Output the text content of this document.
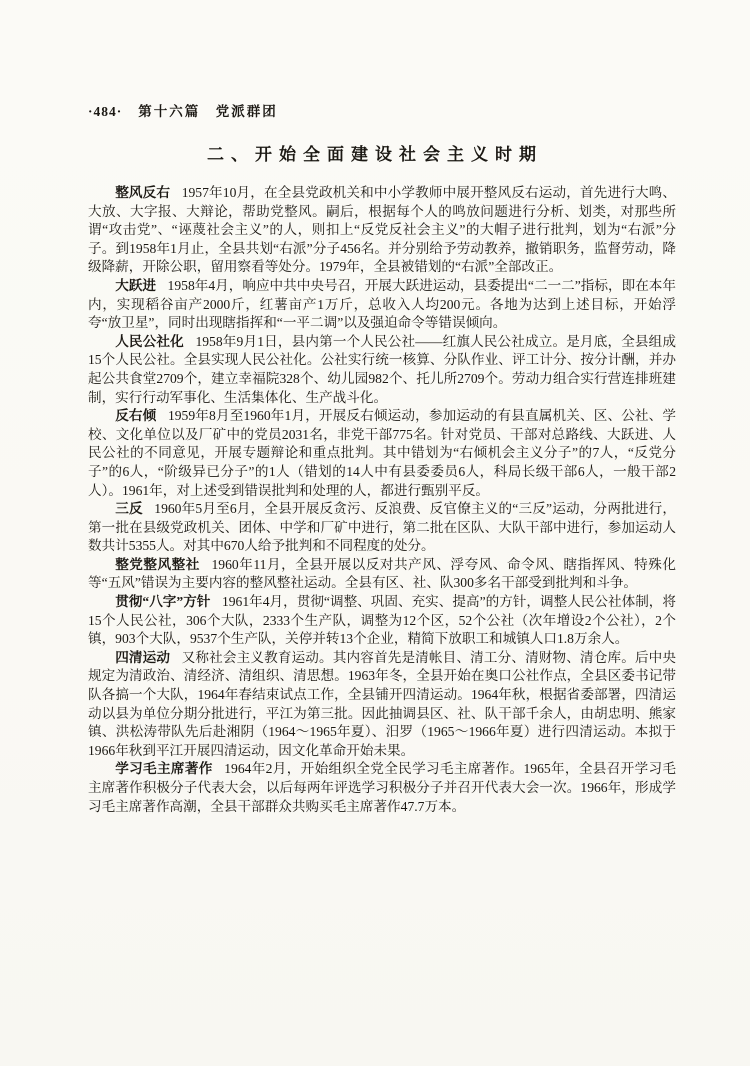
·484· 第十六篇　党派群团
二、开始全面建设社会主义时期

整风反右 1957年10月，在全县党政机关和中小学教师中展开整风反右运动，首先进行大鸣、大放、大字报、大辩论，帮助党整风。嗣后，根据每个人的鸣放问题进行分析、划类，对那些所谓“攻击党”、“诬蔑社会主义”的人，则扣上“反党反社会主义”的大帽子进行批判，划为“右派”分子。到1958年1月止，全县共划“右派”分子456名。并分别给予劳动教养，撤销职务，监督劳动，降级降薪，开除公职，留用察看等处分。1979年，全县被错划的“右派”全部改正。

大跃进 1958年4月，响应中共中央号召，开展大跃进运动，县委提出“二一二”指标，即在本年内，实现稻谷亩产2000斤，红薯亩产1万斤，总收入人均200元。各地为达到上述目标，开始浮夸“放卫星”，同时出现瞎指挥和“一平二调”以及强迫命令等错误倾向。

人民公社化 1958年9月1日，县内第一个人民公社——红旗人民公社成立。是月底，全县组成15个人民公社。全县实现人民公社化。公社实行统一核算、分队作业、评工计分、按分计酬，并办起公共食堂2709个，建立幸福院328个、幼儿园982个、托儿所2709个。劳动力组合实行营连排班建制，实行行动军事化、生活集体化、生产战斗化。

反右倾 1959年8月至1960年1月，开展反右倾运动，参加运动的有县直属机关、区、公社、学校、文化单位以及厂矿中的党员2031名，非党干部775名。针对党员、干部对总路线、大跃进、人民公社的不同意见，开展专题辩论和重点批判。其中错划为“右倾机会主义分子”的7人，“反党分子”的6人，“阶级异已分子”的1人（错划的14人中有县委委员6人，科局长级干部6人，一般干部2人）。1961年，对上述受到错误批判和处理的人，都进行甄别平反。

三反 1960年5月至6月，全县开展反贪污、反浪费、反官僚主义的“三反”运动，分两批进行，第一批在县级党政机关、团体、中学和厂矿中进行，第二批在区队、大队干部中进行，参加运动人数共计5355人。对其中670人给予批判和不同程度的处分。

整党整风整社 1960年11月，全县开展以反对共产风、浮夸风、命令风、瞎指挥风、特殊化等“五风”错误为主要内容的整风整社运动。全县有区、社、队300多名干部受到批判和斗争。

贯彻“八字”方针 1961年4月，贯彻“调整、巩固、充实、提高”的方针，调整人民公社体制，将15个人民公社，306个大队，2333个生产队，调整为12个区，52个公社（次年增设2个公社），2个镇，903个大队，9537个生产队，关停并转13个企业，精简下放职工和城镇人口1.8万余人。

四清运动 又称社会主义教育运动。其内容首先是清帐目、清工分、清财物、清仓库。后中央规定为清政治、清经济、清组织、清思想。1963年冬，全县开始在奥口公社作点，全县区委书记带队各搞一个大队，1964年春结束试点工作，全县铺开四清运动。1964年秋，根据省委部署，四清运动以县为单位分期分批进行，平江为第三批。因此抽调县区、社、队干部千余人，由胡忠明、熊家镇、洪松涛带队先后赴湘阴（1964～1965年夏）、汨罗（1965～1966年夏）进行四清运动。本拟于1966年秋到平江开展四清运动，因文化革命开始未果。

学习毛主席著作 1964年2月，开始组织全党全民学习毛主席著作。1965年，全县召开学习毛主席著作积极分子代表大会，以后每两年评选学习积极分子并召开代表大会一次。1966年，形成学习毛主席著作高潮，全县干部群众共购买毛主席著作47.7万本。
